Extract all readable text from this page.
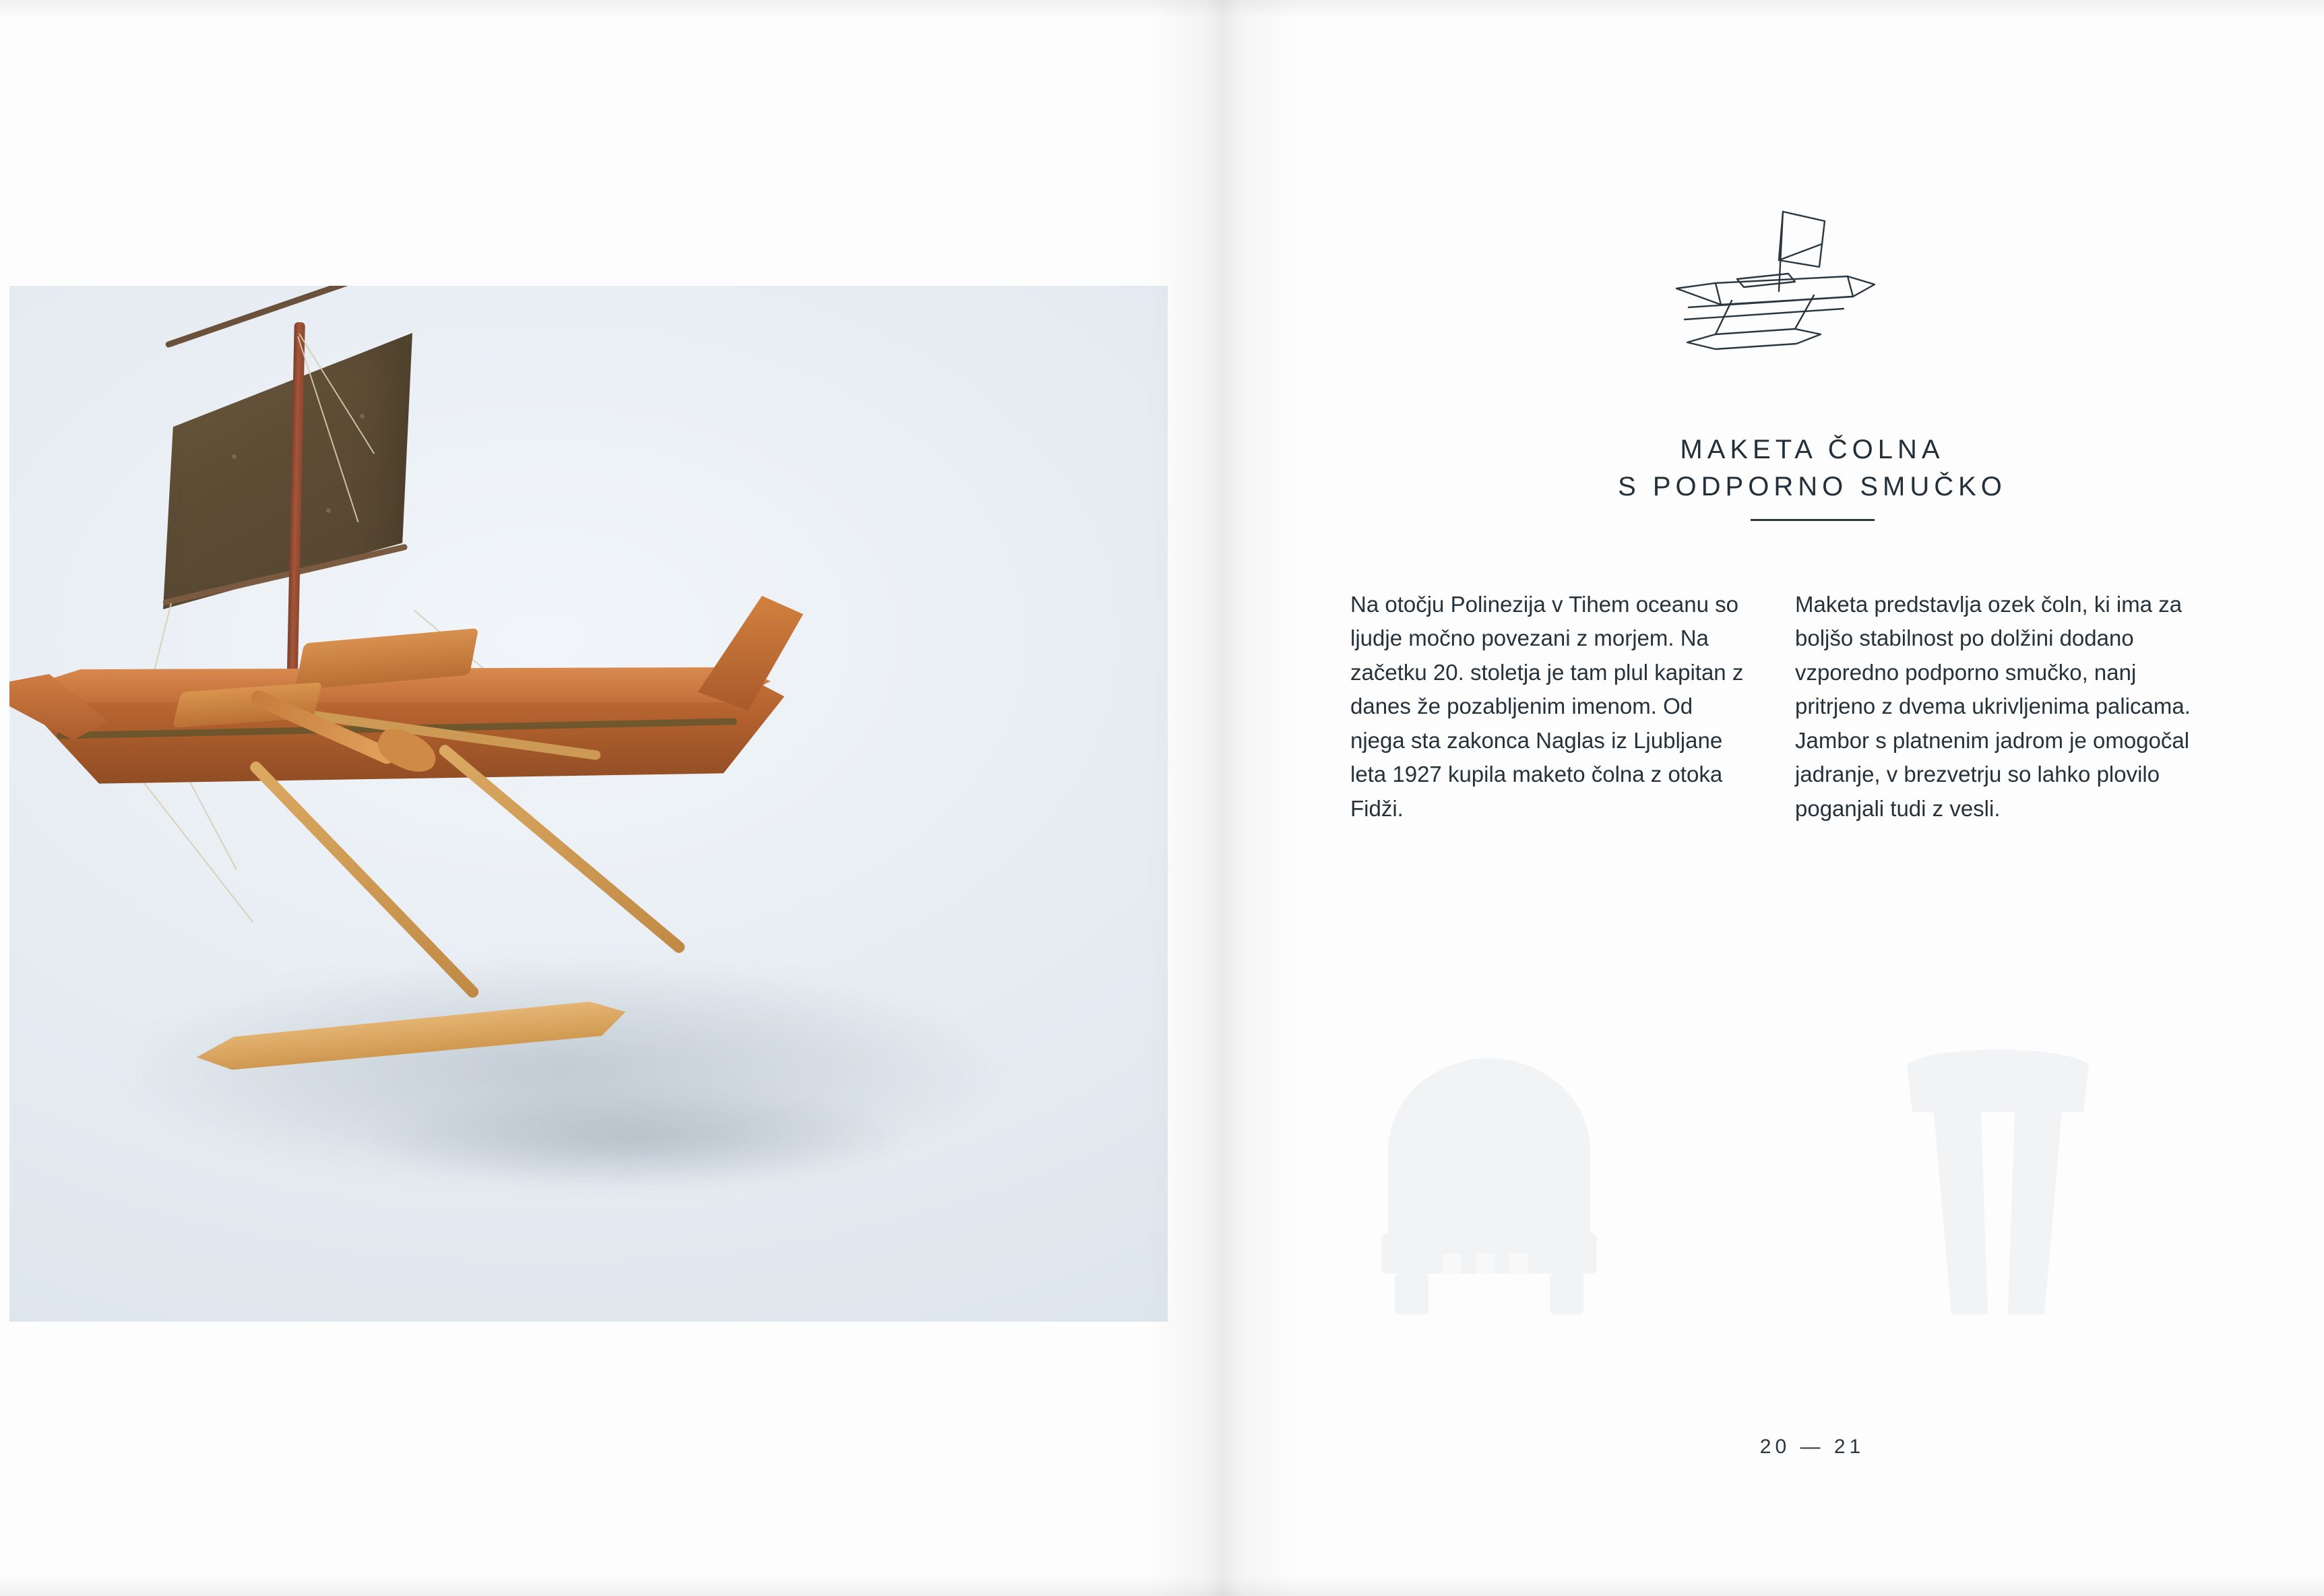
MAKETA ČOLNA
S PODPORNO SMUČKO

Na otočju Polinezija v Tihem oceanu so ljudje močno povezani z morjem. Na začetku 20. stoletja je tam plul kapitan z danes že pozabljenim imenom. Od njega sta zakonca Naglas iz Ljubljane leta 1927 kupila maketo čolna z otoka Fidži.

Maketa predstavlja ozek čoln, ki ima za boljšo stabilnost po dolžini dodano vzporedno podporno smučko, nanj pritrjeno z dvema ukrivljenima palicama. Jambor s platnenim jadrom je omogočal jadranje, v brezvetrju so lahko plovilo poganjali tudi z vesli.

20 — 21
